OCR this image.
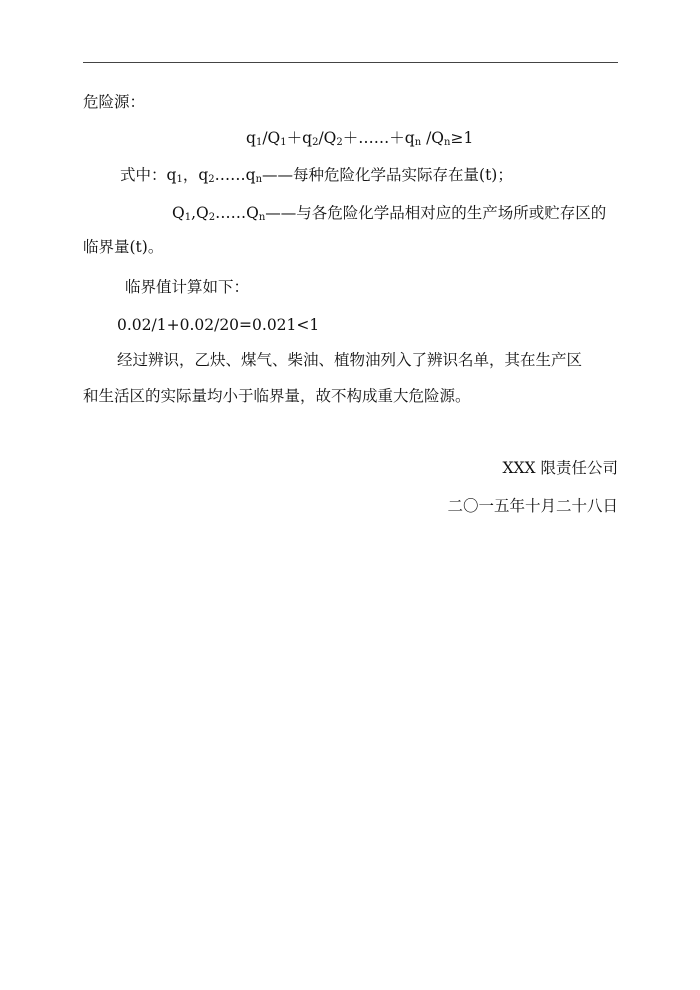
危险源：
$q_1/Q_1+q_2/Q_2+\dots\dots+q_n$ $/Q_n\ge 1$
式中：$q_1$，$q_2\dots\dots q_n——$每种危险化学品实际存在量(t)；
$Q_1,Q_2\dots\dots Q_n——$与各危险化学品相对应的生产场所或贮存区的
临界量(t)。
临界值计算如下：
0.02/1+0.02/20=0.021<1
经过辨识，乙炔、煤气、柴油、植物油列入了辨识名单，其在生产区
和生活区的实际量均小于临界量，故不构成重大危险源。
XXX 限责任公司
二〇一五年十月二十八日
